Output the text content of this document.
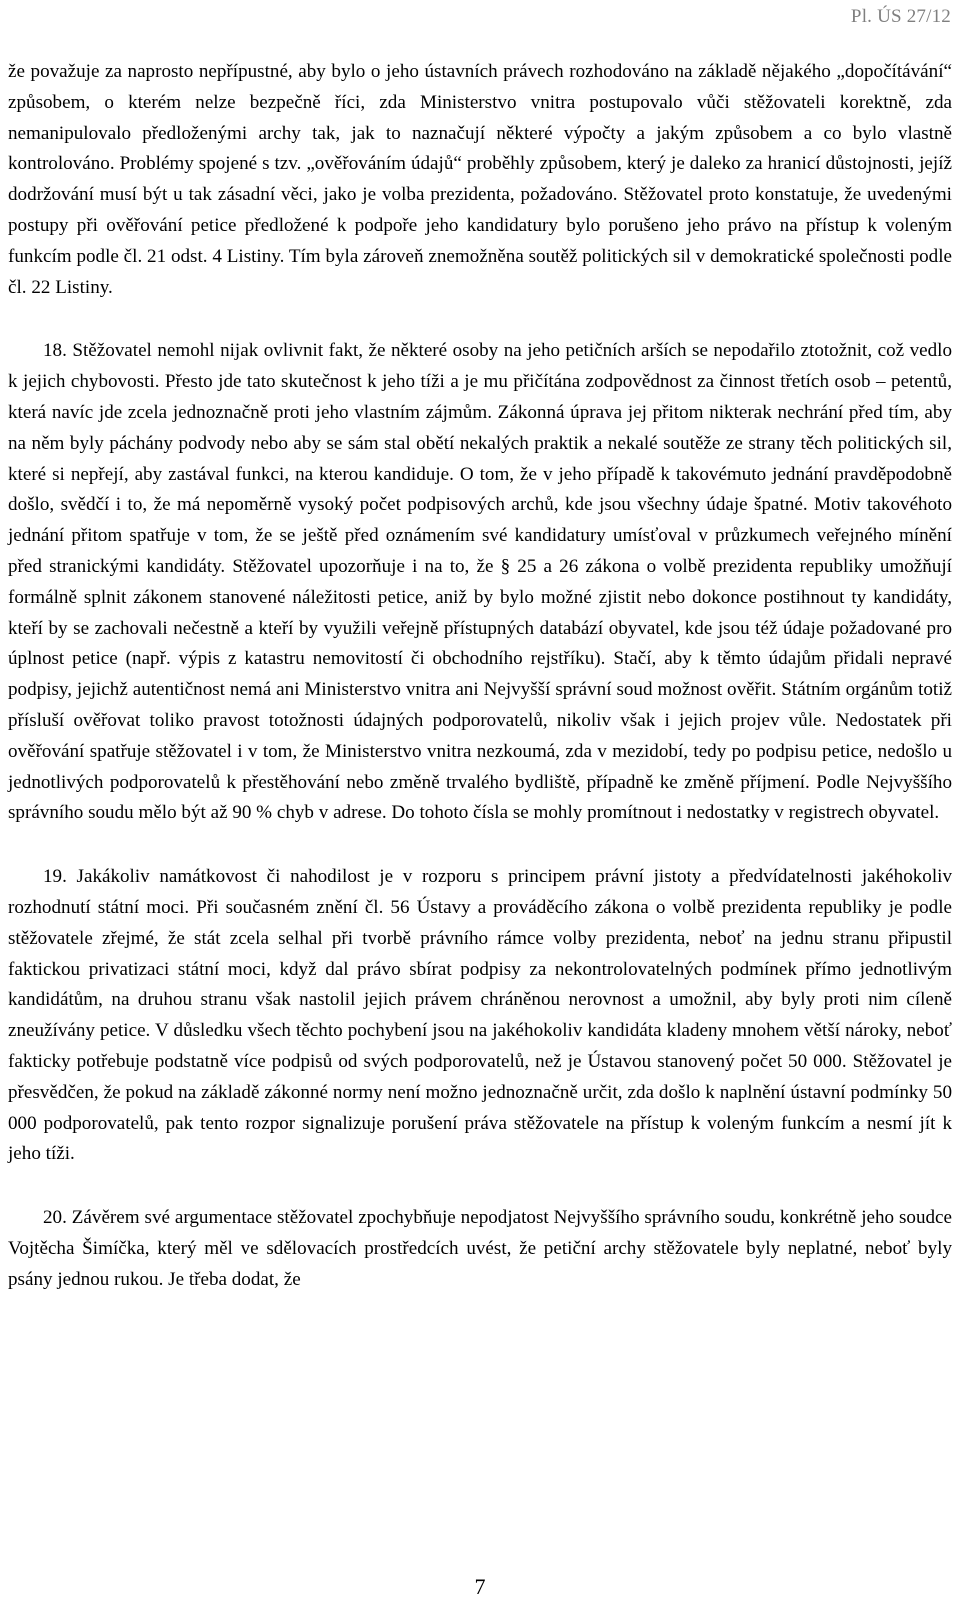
Pl. ÚS 27/12

že považuje za naprosto nepřípustné, aby bylo o jeho ústavních právech rozhodováno na základě nějakého „dopočítávání“ způsobem, o kterém nelze bezpečně říci, zda Ministerstvo vnitra postupovalo vůči stěžovateli korektně, zda nemanipulovalo předloženými archy tak, jak to naznačují některé výpočty a jakým způsobem a co bylo vlastně kontrolováno. Problémy spojené s tzv. „ověřováním údajů“ proběhly způsobem, který je daleko za hranicí důstojnosti, jejíž dodržování musí být u tak zásadní věci, jako je volba prezidenta, požadováno. Stěžovatel proto konstatuje, že uvedenými postupy při ověřování petice předložené k podpoře jeho kandidatury bylo porušeno jeho právo na přístup k voleným funkcím podle čl. 21 odst. 4 Listiny. Tím byla zároveň znemožněna soutěž politických sil v demokratické společnosti podle čl. 22 Listiny.

18. Stěžovatel nemohl nijak ovlivnit fakt, že některé osoby na jeho petičních arších se nepodařilo ztotožnit, což vedlo k jejich chybovosti. Přesto jde tato skutečnost k jeho tíži a je mu přičítána zodpovědnost za činnost třetích osob – petentů, která navíc jde zcela jednoznačně proti jeho vlastním zájmům. Zákonná úprava jej přitom nikterak nechrání před tím, aby na něm byly páchány podvody nebo aby se sám stal obětí nekalých praktik a nekalé soutěže ze strany těch politických sil, které si nepřejí, aby zastával funkci, na kterou kandiduje. O tom, že v jeho případě k takovémuto jednání pravděpodobně došlo, svědčí i to, že má nepoměrně vysoký počet podpisových archů, kde jsou všechny údaje špatné. Motiv takovéhoto jednání přitom spatřuje v tom, že se ještě před oznámením své kandidatury umísťoval v průzkumech veřejného mínění před stranickými kandidáty. Stěžovatel upozorňuje i na to, že § 25 a 26 zákona o volbě prezidenta republiky umožňují formálně splnit zákonem stanovené náležitosti petice, aniž by bylo možné zjistit nebo dokonce postihnout ty kandidáty, kteří by se zachovali nečestně a kteří by využili veřejně přístupných databází obyvatel, kde jsou též údaje požadované pro úplnost petice (např. výpis z katastru nemovitostí či obchodního rejstříku). Stačí, aby k těmto údajům přidali nepravé podpisy, jejichž autentičnost nemá ani Ministerstvo vnitra ani Nejvyšší správní soud možnost ověřit. Státním orgánům totiž přísluší ověřovat toliko pravost totožnosti údajných podporovatelů, nikoliv však i jejich projev vůle. Nedostatek při ověřování spatřuje stěžovatel i v tom, že Ministerstvo vnitra nezkoumá, zda v mezidobí, tedy po podpisu petice, nedošlo u jednotlivých podporovatelů k přestěhování nebo změně trvalého bydliště, případně ke změně příjmení. Podle Nejvyššího správního soudu mělo být až 90 % chyb v adrese. Do tohoto čísla se mohly promítnout i nedostatky v registrech obyvatel.

19. Jakákoliv namátkovost či nahodilost je v rozporu s principem právní jistoty a předvídatelnosti jakéhokoliv rozhodnutí státní moci. Při současném znění čl. 56 Ústavy a prováděcího zákona o volbě prezidenta republiky je podle stěžovatele zřejmé, že stát zcela selhal při tvorbě právního rámce volby prezidenta, neboť na jednu stranu připustil faktickou privatizaci státní moci, když dal právo sbírat podpisy za nekontrolovatelných podmínek přímo jednotlivým kandidátům, na druhou stranu však nastolil jejich právem chráněnou nerovnost a umožnil, aby byly proti nim cíleně zneužívány petice. V důsledku všech těchto pochybení jsou na jakéhokoliv kandidáta kladeny mnohem větší nároky, neboť fakticky potřebuje podstatně více podpisů od svých podporovatelů, než je Ústavou stanovený počet 50 000. Stěžovatel je přesvědčen, že pokud na základě zákonné normy není možno jednoznačně určit, zda došlo k naplnění ústavní podmínky 50 000 podporovatelů, pak tento rozpor signalizuje porušení práva stěžovatele na přístup k voleným funkcím a nesmí jít k jeho tíži.

20. Závěrem své argumentace stěžovatel zpochybňuje nepodjatost Nejvyššího správního soudu, konkrétně jeho soudce Vojtěcha Šimíčka, který měl ve sdělovacích prostředcích uvést, že petiční archy stěžovatele byly neplatné, neboť byly psány jednou rukou. Je třeba dodat, že

7
